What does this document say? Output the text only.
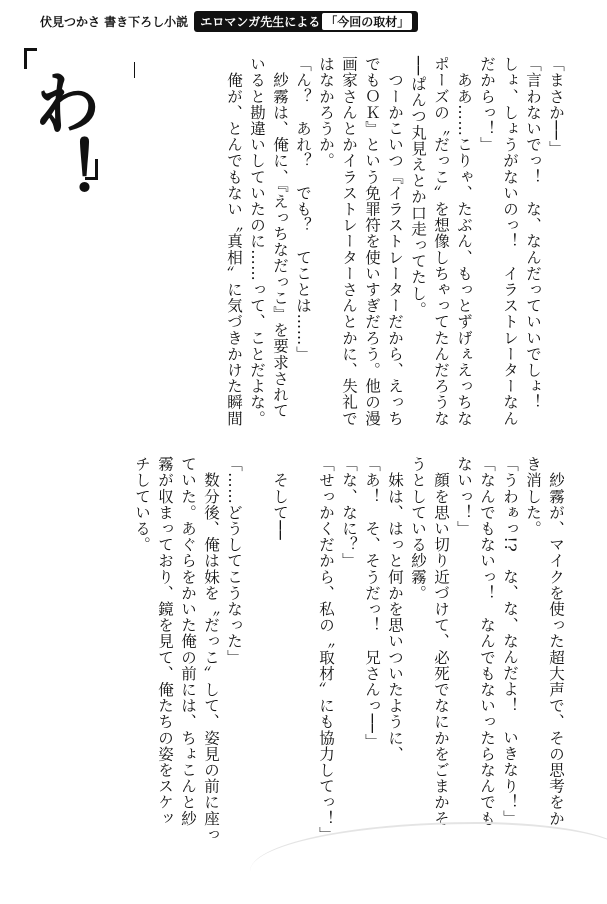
伏見つかさ 書き下ろし小説 エロマンガ先生による 「今回の取材」
わ！	「まさか──」
「言わないでっ！　な、なんだっていいでしょ！
しょ、しょうがないのっ！　イラストレーターなん
だからっ！」
　ああ……こりゃ、たぶん、もっとずげぇえっちな
ポーズの〝だっこ〟を想像しちゃってたんだろうな
──ぱんつ丸見えとか口走ってたし。
　つーかこいつ『イラストレーターだから、えっち
でもＯＫ』という免罪符を使いすぎだろう。他の漫
画家さんとかイラストレーターさんとかに、失礼で
はなかろうか。
「ん？　あれ？　でも？　てことは……」
　紗霧は、俺に、『えっちなだっこ』を要求されて
いると勘違いしていたのに……って、ことだよな。
　俺が、とんでもない〝真相〟に気づきかけた瞬間
　紗霧が、マイクを使った超大声で、その思考をか
き消した。
「うわぁっ!?　な、な、なんだよ！　いきなり！」
「なんでもないっ！　なんでもないったらなんでも
ないっ！」
　顔を思い切り近づけて、必死でなにかをごまかそ
うとしている紗霧。
　妹は、はっと何かを思いついたように、
「あ！　そ、そうだっ！　兄さんっ──」
「な、なに？」
「せっかくだから、私の〝取材〟にも協力してっ！」

　そして──

「……どうしてこうなった」
　数分後、俺は妹を〝だっこ〟して、姿見の前に座っ
ていた。あぐらをかいた俺の前には、ちょこんと紗
霧が収まっており、鏡を見て、俺たちの姿をスケッ
チしている。
